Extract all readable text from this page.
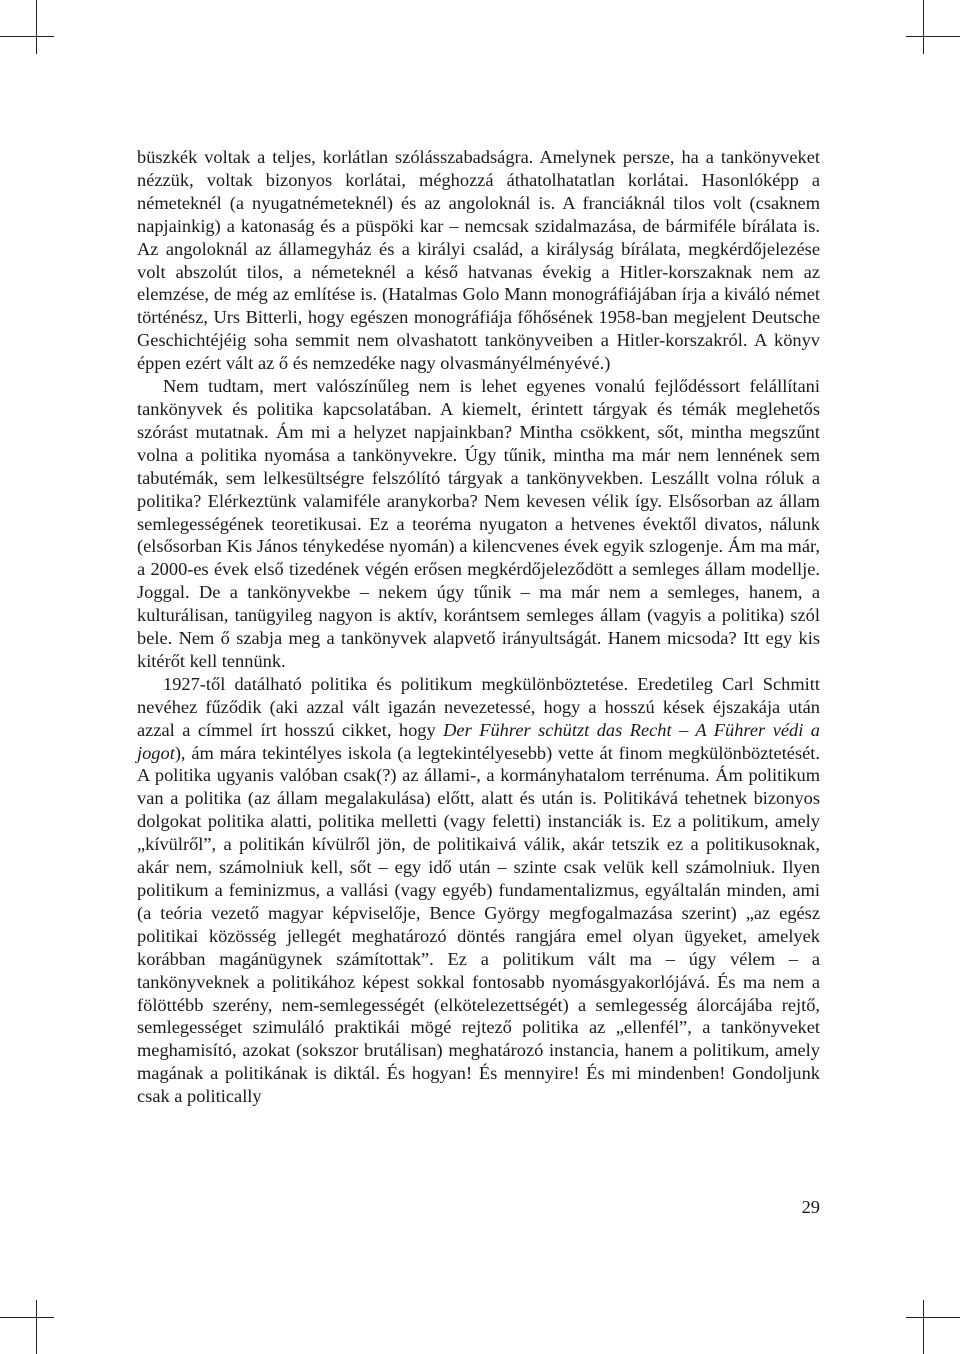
büszkék voltak a teljes, korlátlan szólásszabadságra. Amelynek persze, ha a tankönyveket nézzük, voltak bizonyos korlátai, méghozzá áthatolhatatlan korlátai. Hasonlóképp a németeknél (a nyugatnémeteknél) és az angoloknál is. A franciáknál tilos volt (csaknem napjainkig) a katonaság és a püspöki kar – nemcsak szidalmazása, de bármiféle bírálata is. Az angoloknál az államegyház és a királyi család, a királyság bírálata, megkérdőjelezése volt abszolút tilos, a németeknél a késő hatvanas évekig a Hitler-korszaknak nem az elemzése, de még az említése is. (Hatalmas Golo Mann monográfiájában írja a kiváló német történész, Urs Bitterli, hogy egészen monográfiája főhősének 1958-ban megjelent Deutsche Geschichtéjéig soha semmit nem olvashatott tankönyveiben a Hitler-korszakról. A könyv éppen ezért vált az ő és nemzedéke nagy olvasmányélményévé.)

Nem tudtam, mert valószínűleg nem is lehet egyenes vonalú fejlődéssort felállítani tankönyvek és politika kapcsolatában. A kiemelt, érintett tárgyak és témák meglehetős szórást mutatnak. Ám mi a helyzet napjainkban? Mintha csökkent, sőt, mintha megszűnt volna a politika nyomása a tankönyvekre. Úgy tűnik, mintha ma már nem lennének sem tabutémák, sem lelkesültségre felszólító tárgyak a tankönyvekben. Leszállt volna róluk a politika? Elérkeztünk valamiféle aranykorba? Nem kevesen vélik így. Elsősorban az állam semlegességének teoretikusai. Ez a teoréma nyugaton a hetvenes évektől divatos, nálunk (elsősorban Kis János ténykedése nyomán) a kilencvenes évek egyik szlogenje. Ám ma már, a 2000-es évek első tizedének végén erősen megkérdőjeleződött a semleges állam modellje. Joggal. De a tankönyvekbe – nekem úgy tűnik – ma már nem a semleges, hanem, a kulturálisan, tanügyileg nagyon is aktív, korántsem semleges állam (vagyis a politika) szól bele. Nem ő szabja meg a tankönyvek alapvető irányultságát. Hanem micsoda? Itt egy kis kitérőt kell tennünk.

1927-től datálható politika és politikum megkülönböztetése. Eredetileg Carl Schmitt nevéhez fűződik (aki azzal vált igazán nevezetessé, hogy a hosszú kések éjszakája után azzal a címmel írt hosszú cikket, hogy Der Führer schützt das Recht – A Führer védi a jogot), ám mára tekintélyes iskola (a legtekintélyesebb) vette át finom megkülönböztetését. A politika ugyanis valóban csak(?) az állami-, a kormányhatalom terrénuma. Ám politikum van a politika (az állam megalakulása) előtt, alatt és után is. Politikává tehetnek bizonyos dolgokat politika alatti, politika melletti (vagy feletti) instanciák is. Ez a politikum, amely „kívülről”, a politikán kívülről jön, de politikaivá válik, akár tetszik ez a politikusoknak, akár nem, számolniuk kell, sőt – egy idő után – szinte csak velük kell számolniuk. Ilyen politikum a feminizmus, a vallási (vagy egyéb) fundamentalizmus, egyáltalán minden, ami (a teória vezető magyar képviselője, Bence György megfogalmazása szerint) „az egész politikai közösség jellegét meghatározó döntés rangjára emel olyan ügyeket, amelyek korábban magánügynek számítottak”. Ez a politikum vált ma – úgy vélem – a tankönyveknek a politikához képest sokkal fontosabb nyomásgyakorlójává. És ma nem a fölöttébb szerény, nem-semlegességét (elkötelezettségét) a semlegesség álorcájába rejtő, semlegességet szimuláló praktikái mögé rejtező politika az „ellenfél”, a tankönyveket meghamisító, azokat (sokszor brutálisan) meghatározó instancia, hanem a politikum, amely magának a politikának is diktál. És hogyan! És mennyire! És mi mindenben! Gondoljunk csak a politically

29
